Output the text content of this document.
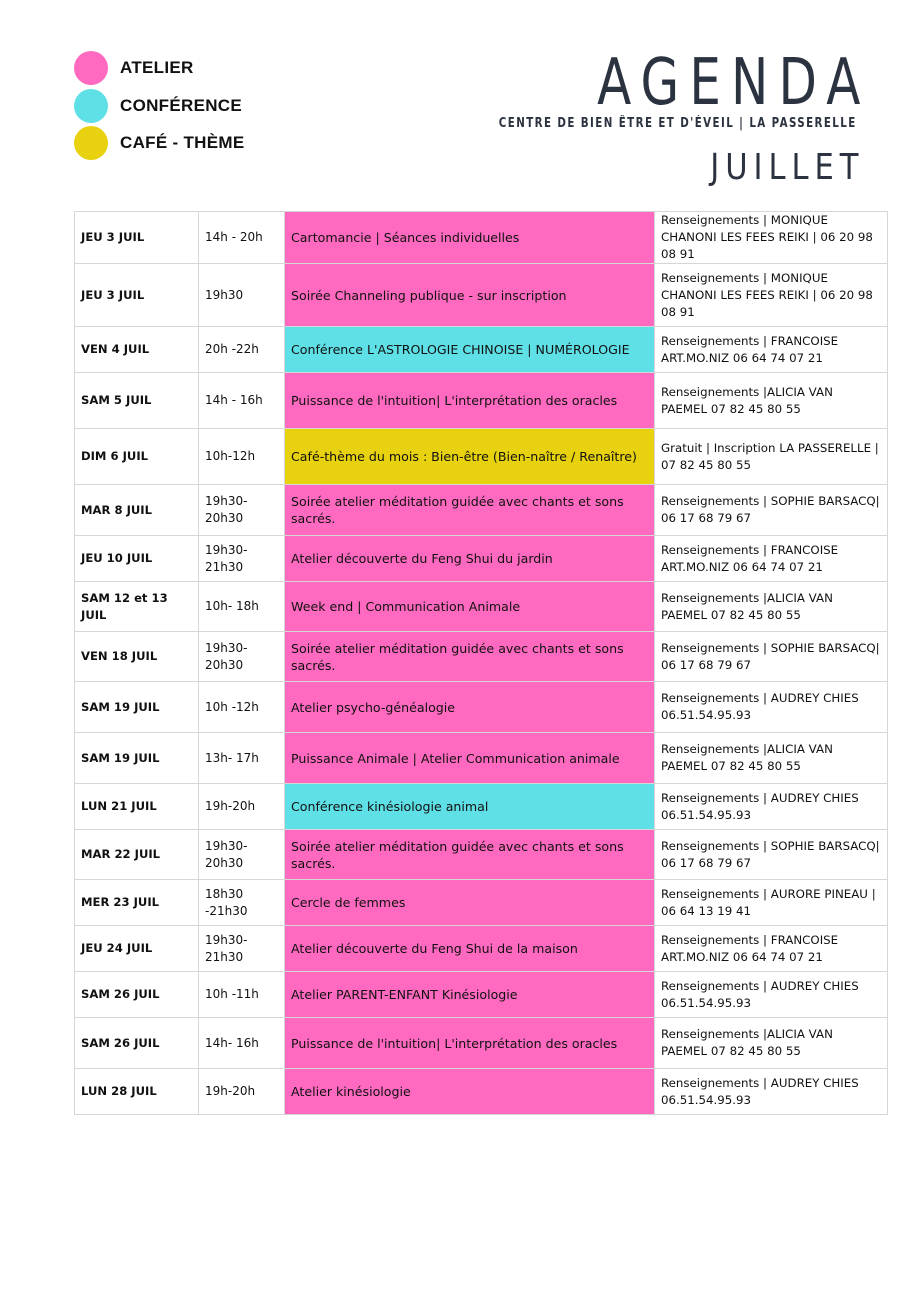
ATELIER
CONFÉRENCE
CAFÉ - THÈME
AGENDA
CENTRE DE BIEN ÊTRE ET D'ÉVEIL | LA PASSERELLE
JUILLET
JEU 3 JUIL	14h - 20h	Cartomancie | Séances individuelles	Renseignements | MONIQUE CHANONI LES FEES REIKI | 06 20 98 08 91
JEU 3 JUIL	19h30	Soirée Channeling publique - sur inscription	Renseignements | MONIQUE CHANONI LES FEES REIKI | 06 20 98 08 91
VEN 4 JUIL	20h -22h	Conférence L'ASTROLOGIE CHINOISE | NUMÉROLOGIE	Renseignements | FRANCOISE ART.MO.NIZ 06 64 74 07 21
SAM 5 JUIL	14h - 16h	Puissance de l'intuition| L'interprétation des oracles	Renseignements |ALICIA VAN PAEMEL 07 82 45 80 55
DIM 6 JUIL	10h-12h	Café-thème du mois : Bien-être (Bien-naître / Renaître)	Gratuit | Inscription LA PASSERELLE | 07 82 45 80 55
MAR 8 JUIL	19h30-20h30	Soirée atelier méditation guidée avec chants et sons sacrés.	Renseignements | SOPHIE BARSACQ| 06 17 68 79 67
JEU 10 JUIL	19h30-21h30	Atelier découverte du Feng Shui du jardin	Renseignements | FRANCOISE ART.MO.NIZ 06 64 74 07 21
SAM 12 et 13 JUIL	10h- 18h	Week end | Communication Animale	Renseignements |ALICIA VAN PAEMEL 07 82 45 80 55
VEN 18 JUIL	19h30-20h30	Soirée atelier méditation guidée avec chants et sons sacrés.	Renseignements | SOPHIE BARSACQ| 06 17 68 79 67
SAM 19 JUIL	10h -12h	Atelier psycho-généalogie	Renseignements | AUDREY CHIES 06.51.54.95.93
SAM 19 JUIL	13h- 17h	Puissance Animale | Atelier Communication animale	Renseignements |ALICIA VAN PAEMEL 07 82 45 80 55
LUN 21 JUIL	19h-20h	Conférence kinésiologie animal	Renseignements | AUDREY CHIES 06.51.54.95.93
MAR 22 JUIL	19h30-20h30	Soirée atelier méditation guidée avec chants et sons sacrés.	Renseignements | SOPHIE BARSACQ| 06 17 68 79 67
MER 23 JUIL	18h30 -21h30	Cercle de femmes	Renseignements | AURORE PINEAU | 06 64 13 19 41
JEU 24 JUIL	19h30-21h30	Atelier découverte du Feng Shui de la maison	Renseignements | FRANCOISE ART.MO.NIZ 06 64 74 07 21
SAM 26 JUIL	10h -11h	Atelier PARENT-ENFANT Kinésiologie	Renseignements | AUDREY CHIES 06.51.54.95.93
SAM 26 JUIL	14h- 16h	Puissance de l'intuition| L'interprétation des oracles	Renseignements |ALICIA VAN PAEMEL 07 82 45 80 55
LUN 28 JUIL	19h-20h	Atelier kinésiologie	Renseignements | AUDREY CHIES 06.51.54.95.93
